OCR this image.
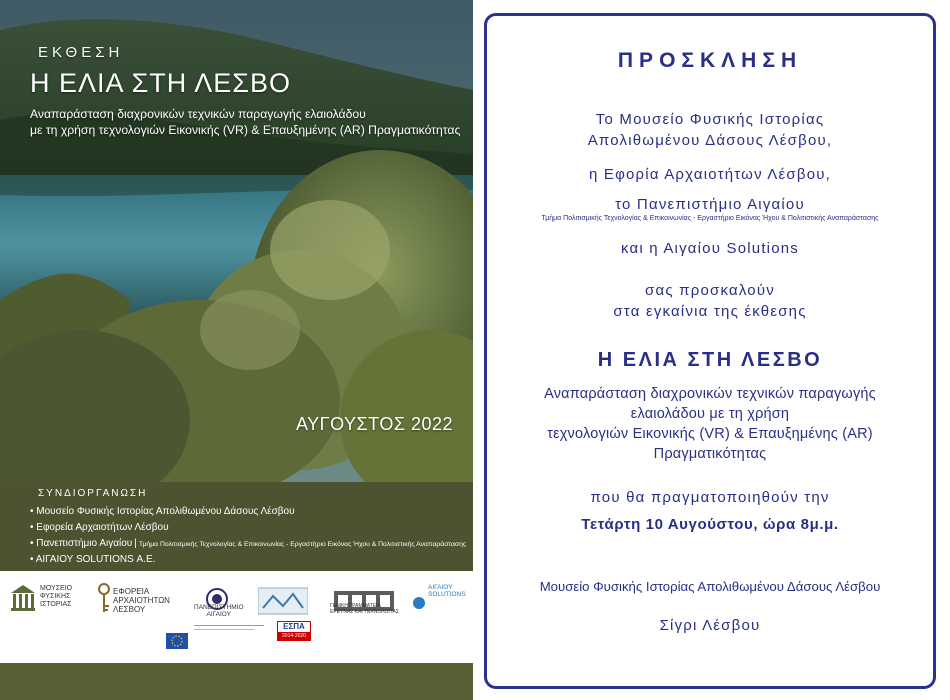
ΕΚΘΕΣΗ
Η ΕΛΙΑ ΣΤΗ ΛΕΣΒΟ
Αναπαράσταση διαχρονικών τεχνικών παραγωγής ελαιολάδου
με τη χρήση τεχνολογιών Εικονικής (VR) & Επαυξημένης (AR) Πραγματικότητας
ΑΥΓΟΥΣΤΟΣ 2022
ΣΥΝΔΙΟΡΓΑΝΩΣΗ
• Μουσείο Φυσικής Ιστορίας Απολιθωμένου Δάσους Λέσβου
• Εφορεία Αρχαιοτήτων Λέσβου
• Πανεπιστήμιο Αιγαίου | Τμήμα Πολιτισμικής Τεχνολογίας & Επικοινωνίας - Εργαστήριο Εικόνας Ήχου & Πολιτιστικής Αναπαράστασης
• ΑΙΓΑΙΟΥ SOLUTIONS Α.Ε.
ΜΟΥΣΕΙΟ
ΦΥΣΙΚΗΣ
ΙΣΤΟΡΙΑΣ
ΕΦΟΡΕΙΑ
ΑΡΧΑΙΟΤΗΤΩΝ
ΛΕΣΒΟΥ	ΠΑΝΕΠΙΣΤΗΜΙΟ
ΑΙΓΑΙΟΥ
ΓΕΝΙΚΗ ΓΡΑΜΜΑΤΕΙΑ
ΕΡΕΥΝΑΣ ΚΑΙ ΤΕΧΝΟΛΟΓΙΑΣ
ΑΙΓΑΙΟΥ
SOLUTIONS
ΕΣΠΑ
2014-2020
ΠΡΟΣΚΛΗΣΗ
Το Μουσείο Φυσικής Ιστορίας
Απολιθωμένου Δάσους Λέσβου,
η Εφορία Αρχαιοτήτων Λέσβου,
το Πανεπιστήμιο Αιγαίου
Τμήμα Πολιτισμικής Τεχνολογίας & Επικοινωνίας - Εργαστήριο Εικόνας Ήχου & Πολιτιστικής Αναπαράστασης
και η Αιγαίου Solutions
σας προσκαλούν
στα εγκαίνια της έκθεσης
Η ΕΛΙΑ ΣΤΗ ΛΕΣΒΟ
Αναπαράσταση διαχρονικών τεχνικών παραγωγής
ελαιολάδου με τη χρήση
τεχνολογιών Εικονικής (VR) & Επαυξημένης (AR)
Πραγματικότητας
που θα πραγματοποιηθούν την
Τετάρτη 10 Αυγούστου, ώρα 8μ.μ.
Μουσείο Φυσικής Ιστορίας Απολιθωμένου Δάσους Λέσβου
Σίγρι Λέσβου
